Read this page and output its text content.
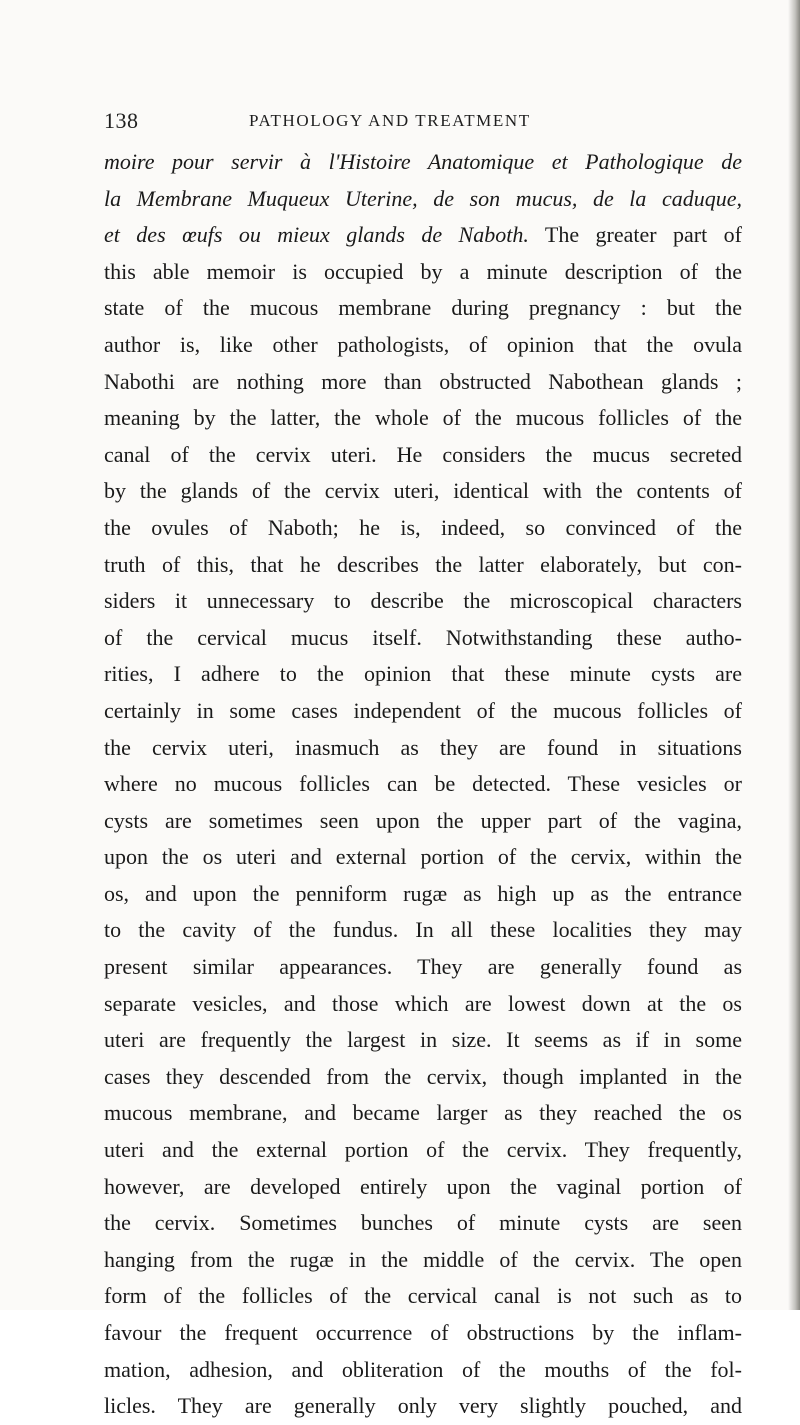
138	PATHOLOGY AND TREATMENT
moire pour servir à l'Histoire Anatomique et Pathologique de
la Membrane Muqueux Uterine, de son mucus, de la caduque,
et des œufs ou mieux glands de Naboth. The greater part of
this able memoir is occupied by a minute description of the
state of the mucous membrane during pregnancy : but the
author is, like other pathologists, of opinion that the ovula
Nabothi are nothing more than obstructed Nabothean glands ;
meaning by the latter, the whole of the mucous follicles of the
canal of the cervix uteri. He considers the mucus secreted
by the glands of the cervix uteri, identical with the contents of
the ovules of Naboth; he is, indeed, so convinced of the
truth of this, that he describes the latter elaborately, but con-
siders it unnecessary to describe the microscopical characters
of the cervical mucus itself. Notwithstanding these autho-
rities, I adhere to the opinion that these minute cysts are
certainly in some cases independent of the mucous follicles of
the cervix uteri, inasmuch as they are found in situations
where no mucous follicles can be detected. These vesicles or
cysts are sometimes seen upon the upper part of the vagina,
upon the os uteri and external portion of the cervix, within the
os, and upon the penniform rugæ as high up as the entrance
to the cavity of the fundus. In all these localities they may
present similar appearances. They are generally found as
separate vesicles, and those which are lowest down at the os
uteri are frequently the largest in size. It seems as if in some
cases they descended from the cervix, though implanted in the
mucous membrane, and became larger as they reached the os
uteri and the external portion of the cervix. They frequently,
however, are developed entirely upon the vaginal portion of
the cervix. Sometimes bunches of minute cysts are seen
hanging from the rugæ in the middle of the cervix. The open
form of the follicles of the cervical canal is not such as to
favour the frequent occurrence of obstructions by the inflam-
mation, adhesion, and obliteration of the mouths of the fol-
licles. They are generally only very slightly pouched, and
